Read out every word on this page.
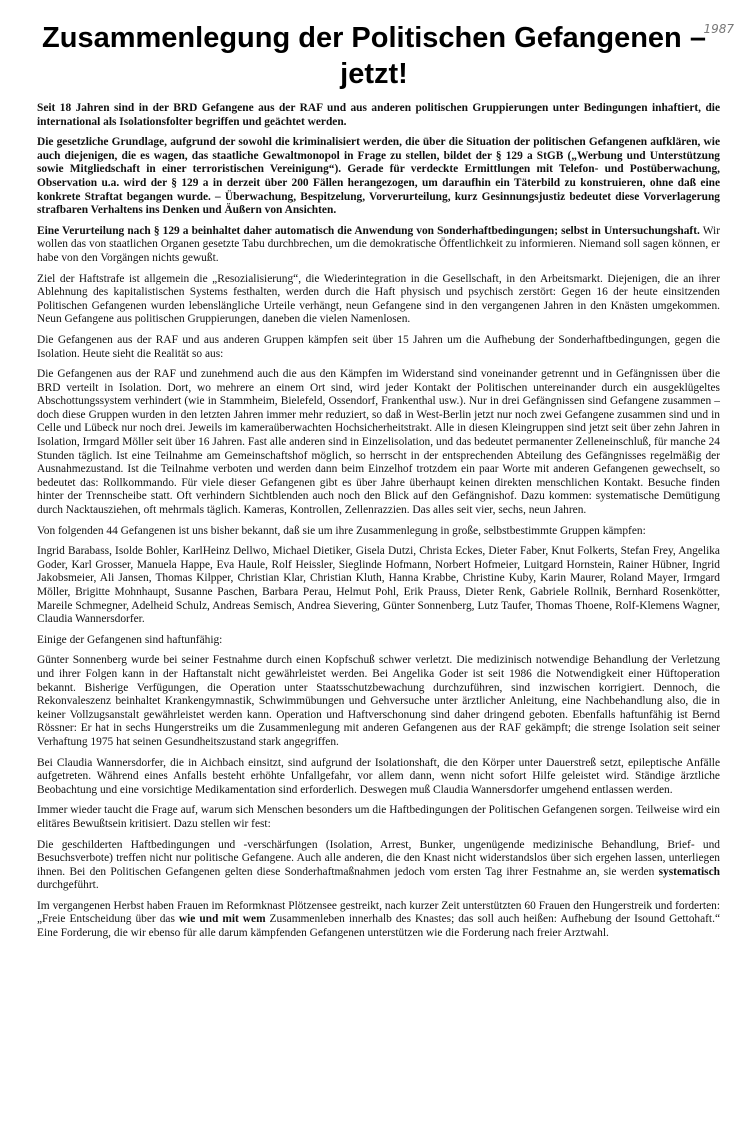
1987
Zusammenlegung der Politischen Gefangenen –
jetzt!

Seit 18 Jahren sind in der BRD Gefangene aus der RAF und aus anderen politischen Gruppierungen unter Bedingungen inhaftiert, die international als Isolationsfolter begriffen und geächtet werden.

Die gesetzliche Grundlage, aufgrund der sowohl die kriminalisiert werden, die über die Situation der politischen Gefangenen aufklären, wie auch diejenigen, die es wagen, das staatliche Gewaltmonopol in Frage zu stellen, bildet der § 129 a StGB („Werbung und Unterstützung sowie Mitgliedschaft in einer terroristischen Vereinigung“). Gerade für verdeckte Ermittlungen mit Telefon- und Postüberwachung, Observation u.a. wird der § 129 a in derzeit über 200 Fällen herangezogen, um daraufhin ein Täterbild zu konstruieren, ohne daß eine konkrete Straftat begangen wurde. – Überwachung, Bespitzelung, Vorverurteilung, kurz Gesinnungsjustiz bedeutet diese Vorverlagerung strafbaren Verhaltens ins Denken und Äußern von Ansichten.

Eine Verurteilung nach § 129 a beinhaltet daher automatisch die Anwendung von Sonderhaftbedingungen; selbst in Untersuchungshaft. Wir wollen das von staatlichen Organen gesetzte Tabu durchbrechen, um die demokratische Öffentlichkeit zu informieren. Niemand soll sagen können, er habe von den Vorgängen nichts gewußt.

Ziel der Haftstrafe ist allgemein die „Resozialisierung“, die Wiederintegration in die Gesellschaft, in den Arbeitsmarkt. Diejenigen, die an ihrer Ablehnung des kapitalistischen Systems festhalten, werden durch die Haft physisch und psychisch zerstört: Gegen 16 der heute einsitzenden Politischen Gefangenen wurden lebenslängliche Urteile verhängt, neun Gefangene sind in den vergangenen Jahren in den Knästen umgekommen. Neun Gefangene aus politischen Gruppierungen, daneben die vielen Namenlosen.

Die Gefangenen aus der RAF und aus anderen Gruppen kämpfen seit über 15 Jahren um die Aufhebung der Sonderhaftbedingungen, gegen die Isolation. Heute sieht die Realität so aus:

Die Gefangenen aus der RAF und zunehmend auch die aus den Kämpfen im Widerstand sind voneinander getrennt und in Gefängnissen über die BRD verteilt in Isolation. Dort, wo mehrere an einem Ort sind, wird jeder Kontakt der Politischen untereinander durch ein ausgeklügeltes Abschottungssystem verhindert (wie in Stammheim, Bielefeld, Ossendorf, Frankenthal usw.). Nur in drei Gefängnissen sind Gefangene zusammen – doch diese Gruppen wurden in den letzten Jahren immer mehr reduziert, so daß in West-Berlin jetzt nur noch zwei Gefangene zusammen sind und in Celle und Lübeck nur noch drei. Jeweils im kameraüberwachten Hochsicherheitstrakt. Alle in diesen Kleingruppen sind jetzt seit über zehn Jahren in Isolation, Irmgard Möller seit über 16 Jahren. Fast alle anderen sind in Einzelisolation, und das bedeutet permanenter Zelleneinschluß, für manche 24 Stunden täglich. Ist eine Teilnahme am Gemeinschaftshof möglich, so herrscht in der entsprechenden Abteilung des Gefängnisses regelmäßig der Ausnahmezustand. Ist die Teilnahme verboten und werden dann beim Einzelhof trotzdem ein paar Worte mit anderen Gefangenen gewechselt, so bedeutet das: Rollkommando. Für viele dieser Gefangenen gibt es über Jahre überhaupt keinen direkten menschlichen Kontakt. Besuche finden hinter der Trennscheibe statt. Oft verhindern Sichtblenden auch noch den Blick auf den Gefängnishof. Dazu kommen: systematische Demütigung durch Nacktausziehen, oft mehrmals täglich. Kameras, Kontrollen, Zellenrazzien. Das alles seit vier, sechs, neun Jahren.

Von folgenden 44 Gefangenen ist uns bisher bekannt, daß sie um ihre Zusammenlegung in große, selbstbestimmte Gruppen kämpfen:

Ingrid Barabass, Isolde Bohler, KarlHeinz Dellwo, Michael Dietiker, Gisela Dutzi, Christa Eckes, Dieter Faber, Knut Folkerts, Stefan Frey, Angelika Goder, Karl Grosser, Manuela Happe, Eva Haule, Rolf Heissler, Sieglinde Hofmann, Norbert Hofmeier, Luitgard Hornstein, Rainer Hübner, Ingrid Jakobsmeier, Ali Jansen, Thomas Kilpper, Christian Klar, Christian Kluth, Hanna Krabbe, Christine Kuby, Karin Maurer, Roland Mayer, Irmgard Möller, Brigitte Mohnhaupt, Susanne Paschen, Barbara Perau, Helmut Pohl, Erik Prauss, Dieter Renk, Gabriele Rollnik, Bernhard Rosenkötter, Mareile Schmegner, Adelheid Schulz, Andreas Semisch, Andrea Sievering, Günter Sonnenberg, Lutz Taufer, Thomas Thoene, Rolf-Klemens Wagner, Claudia Wannersdorfer.

Einige der Gefangenen sind haftunfähig:

Günter Sonnenberg wurde bei seiner Festnahme durch einen Kopfschuß schwer verletzt. Die medizinisch notwendige Behandlung der Verletzung und ihrer Folgen kann in der Haftanstalt nicht gewährleistet werden. Bei Angelika Goder ist seit 1986 die Notwendigkeit einer Hüftoperation bekannt. Bisherige Verfügungen, die Operation unter Staatsschutzbewachung durchzuführen, sind inzwischen korrigiert. Dennoch, die Rekonvaleszenz beinhaltet Krankengymnastik, Schwimmübungen und Gehversuche unter ärztlicher Anleitung, eine Nachbehandlung also, die in keiner Vollzugsanstalt gewährleistet werden kann. Operation und Haftverschonung sind daher dringend geboten. Ebenfalls haftunfähig ist Bernd Rössner: Er hat in sechs Hungerstreiks um die Zusammenlegung mit anderen Gefangenen aus der RAF gekämpft; die strenge Isolation seit seiner Verhaftung 1975 hat seinen Gesundheitszustand stark angegriffen.

Bei Claudia Wannersdorfer, die in Aichbach einsitzt, sind aufgrund der Isolationshaft, die den Körper unter Dauerstreß setzt, epileptische Anfälle aufgetreten. Während eines Anfalls besteht erhöhte Unfallgefahr, vor allem dann, wenn nicht sofort Hilfe geleistet wird. Ständige ärztliche Beobachtung und eine vorsichtige Medikamentation sind erforderlich. Deswegen muß Claudia Wannersdorfer umgehend entlassen werden.

Immer wieder taucht die Frage auf, warum sich Menschen besonders um die Haftbedingungen der Politischen Gefangenen sorgen. Teilweise wird ein elitäres Bewußtsein kritisiert. Dazu stellen wir fest:

Die geschilderten Haftbedingungen und -verschärfungen (Isolation, Arrest, Bunker, ungenügende medizinische Behandlung, Brief- und Besuchsverbote) treffen nicht nur politische Gefangene. Auch alle anderen, die den Knast nicht widerstandslos über sich ergehen lassen, unterliegen ihnen. Bei den Politischen Gefangenen gelten diese Sonderhaftmaßnahmen jedoch vom ersten Tag ihrer Festnahme an, sie werden systematisch durchgeführt.

Im vergangenen Herbst haben Frauen im Reformknast Plötzensee gestreikt, nach kurzer Zeit unterstützten 60 Frauen den Hungerstreik und forderten: „Freie Entscheidung über das wie und mit wem Zusammenleben innerhalb des Knastes; das soll auch heißen: Aufhebung der Isound Gettohaft.“ Eine Forderung, die wir ebenso für alle darum kämpfenden Gefangenen unterstützen wie die Forderung nach freier Arztwahl.
